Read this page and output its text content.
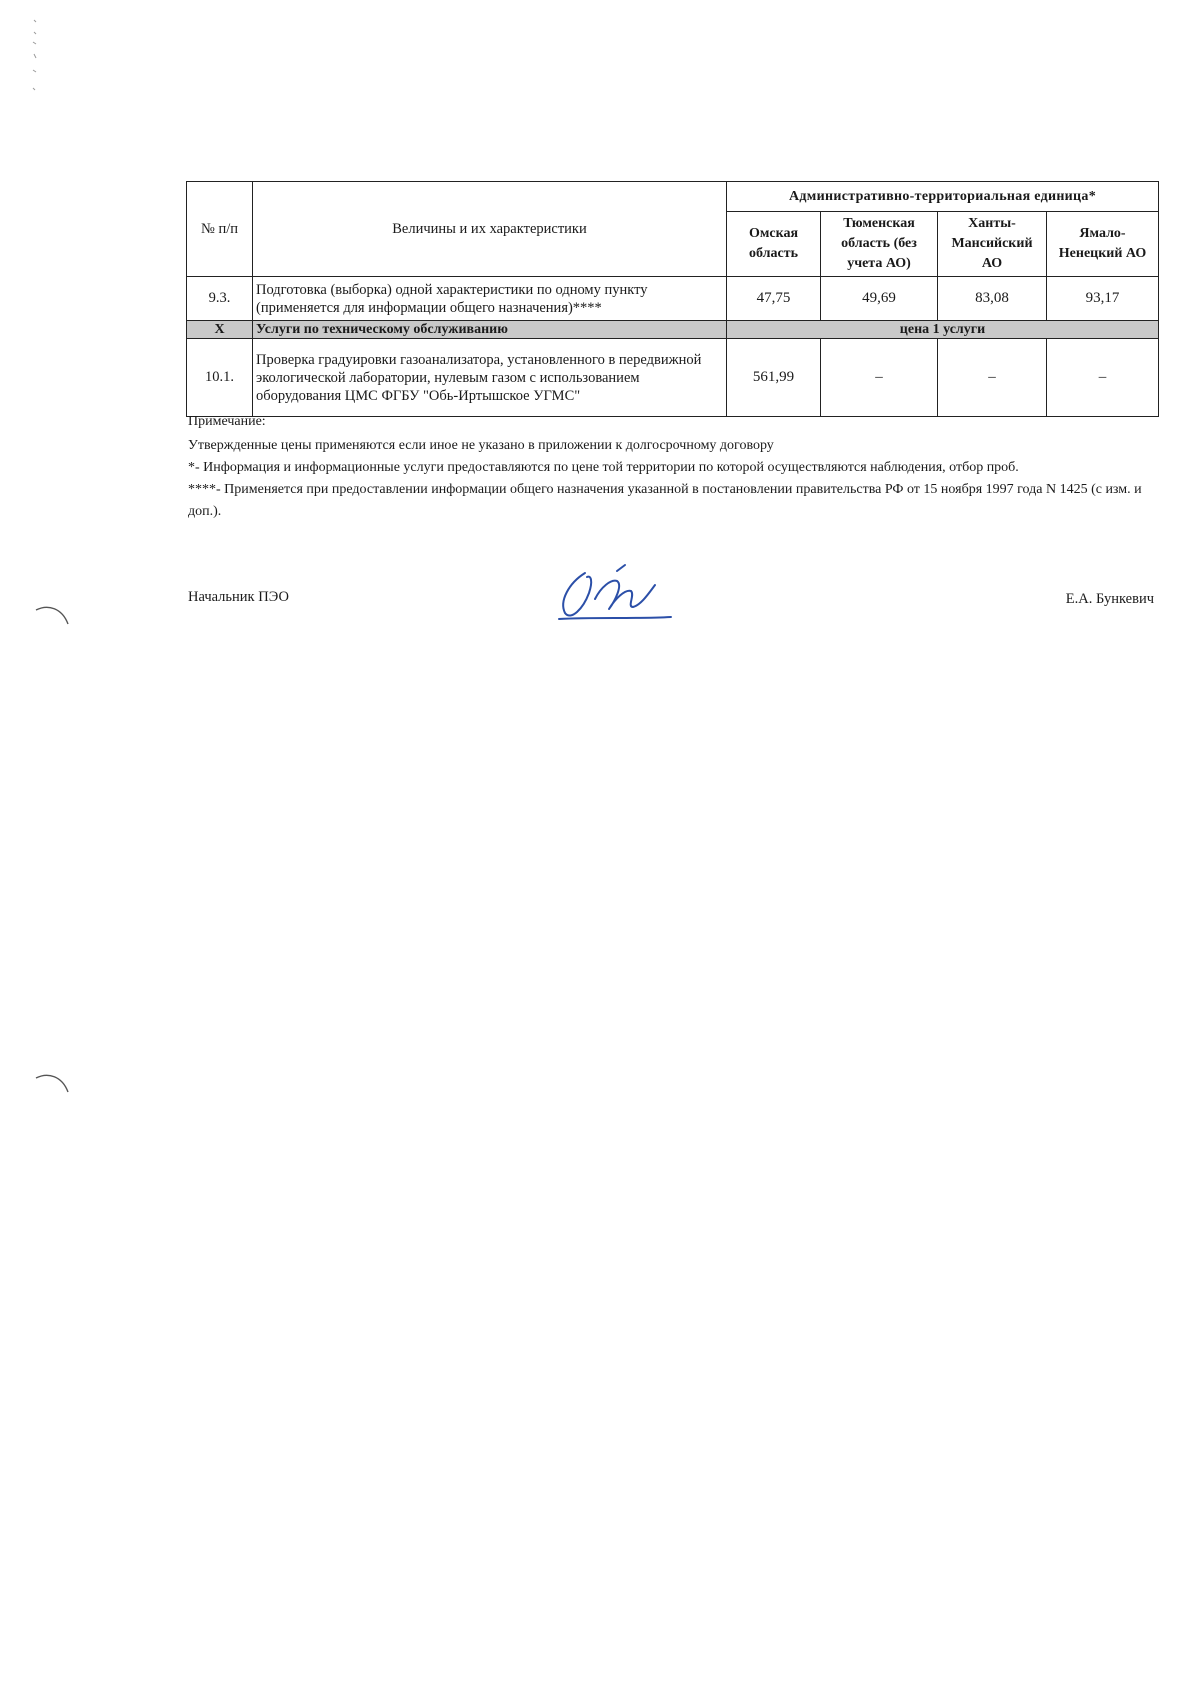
№ п/п	Величины и их характеристики	Административно-территориальная единица*			
		Омская область	Тюменская область (без учета АО)	Ханты-Мансийский АО	Ямало-Ненецкий АО
9.3.	Подготовка (выборка) одной характеристики по одному пункту (применяется для информации общего назначения)****	47,75	49,69	83,08	93,17
X	Услуги по техническому обслуживанию	цена 1 услуги			
10.1.	Проверка градуировки газоанализатора, установленного в передвижной экологической лаборатории, нулевым газом с использованием оборудования ЦМС ФГБУ "Обь-Иртышское УГМС"	561,99	–	–	–

Примечание:

Утвержденные цены применяются если иное не указано в приложении к долгосрочному договору

*- Информация и информационные услуги предоставляются по цене той территории по которой осуществляются наблюдения, отбор проб.

****- Применяется при предоставлении информации общего назначения указанной в постановлении правительства РФ от 15 ноября 1997 года N 1425 (с изм. и доп.).

Начальник ПЭО	Е.А. Бункевич
